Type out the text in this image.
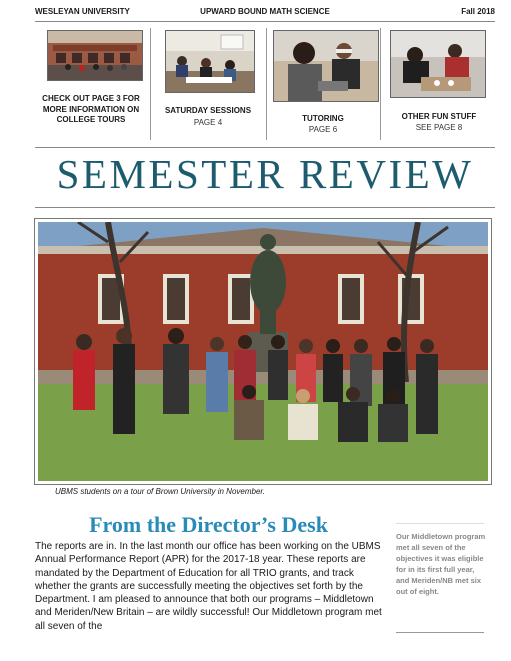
WESLEYAN UNIVERSITY	UPWARD BOUND MATH SCIENCE	Fall 2018
CHECK OUT PAGE 3 FOR MORE INFORMATION ON COLLEGE TOURS
SATURDAY SESSIONS
PAGE 4	TUTORING
PAGE 6
OTHER FUN STUFF
SEE PAGE 8
SEMESTER REVIEW
UBMS students on a tour of Brown University in November.
From the Director’s Desk
The reports are in. In the last month our office has been working on the UBMS Annual Performance Report (APR) for the 2017-18 year. These reports are mandated by the Department of Education for all TRIO grants, and track whether the grants are successfully meeting the objectives set forth by the Department. I am pleased to announce that both our programs – Middletown and Meriden/New Britain – are wildly successful! Our Middletown program met all seven of the
Our Middletown program met all seven of the objectives it was eligible for in its first full year, and Meriden/NB met six out of eight.
